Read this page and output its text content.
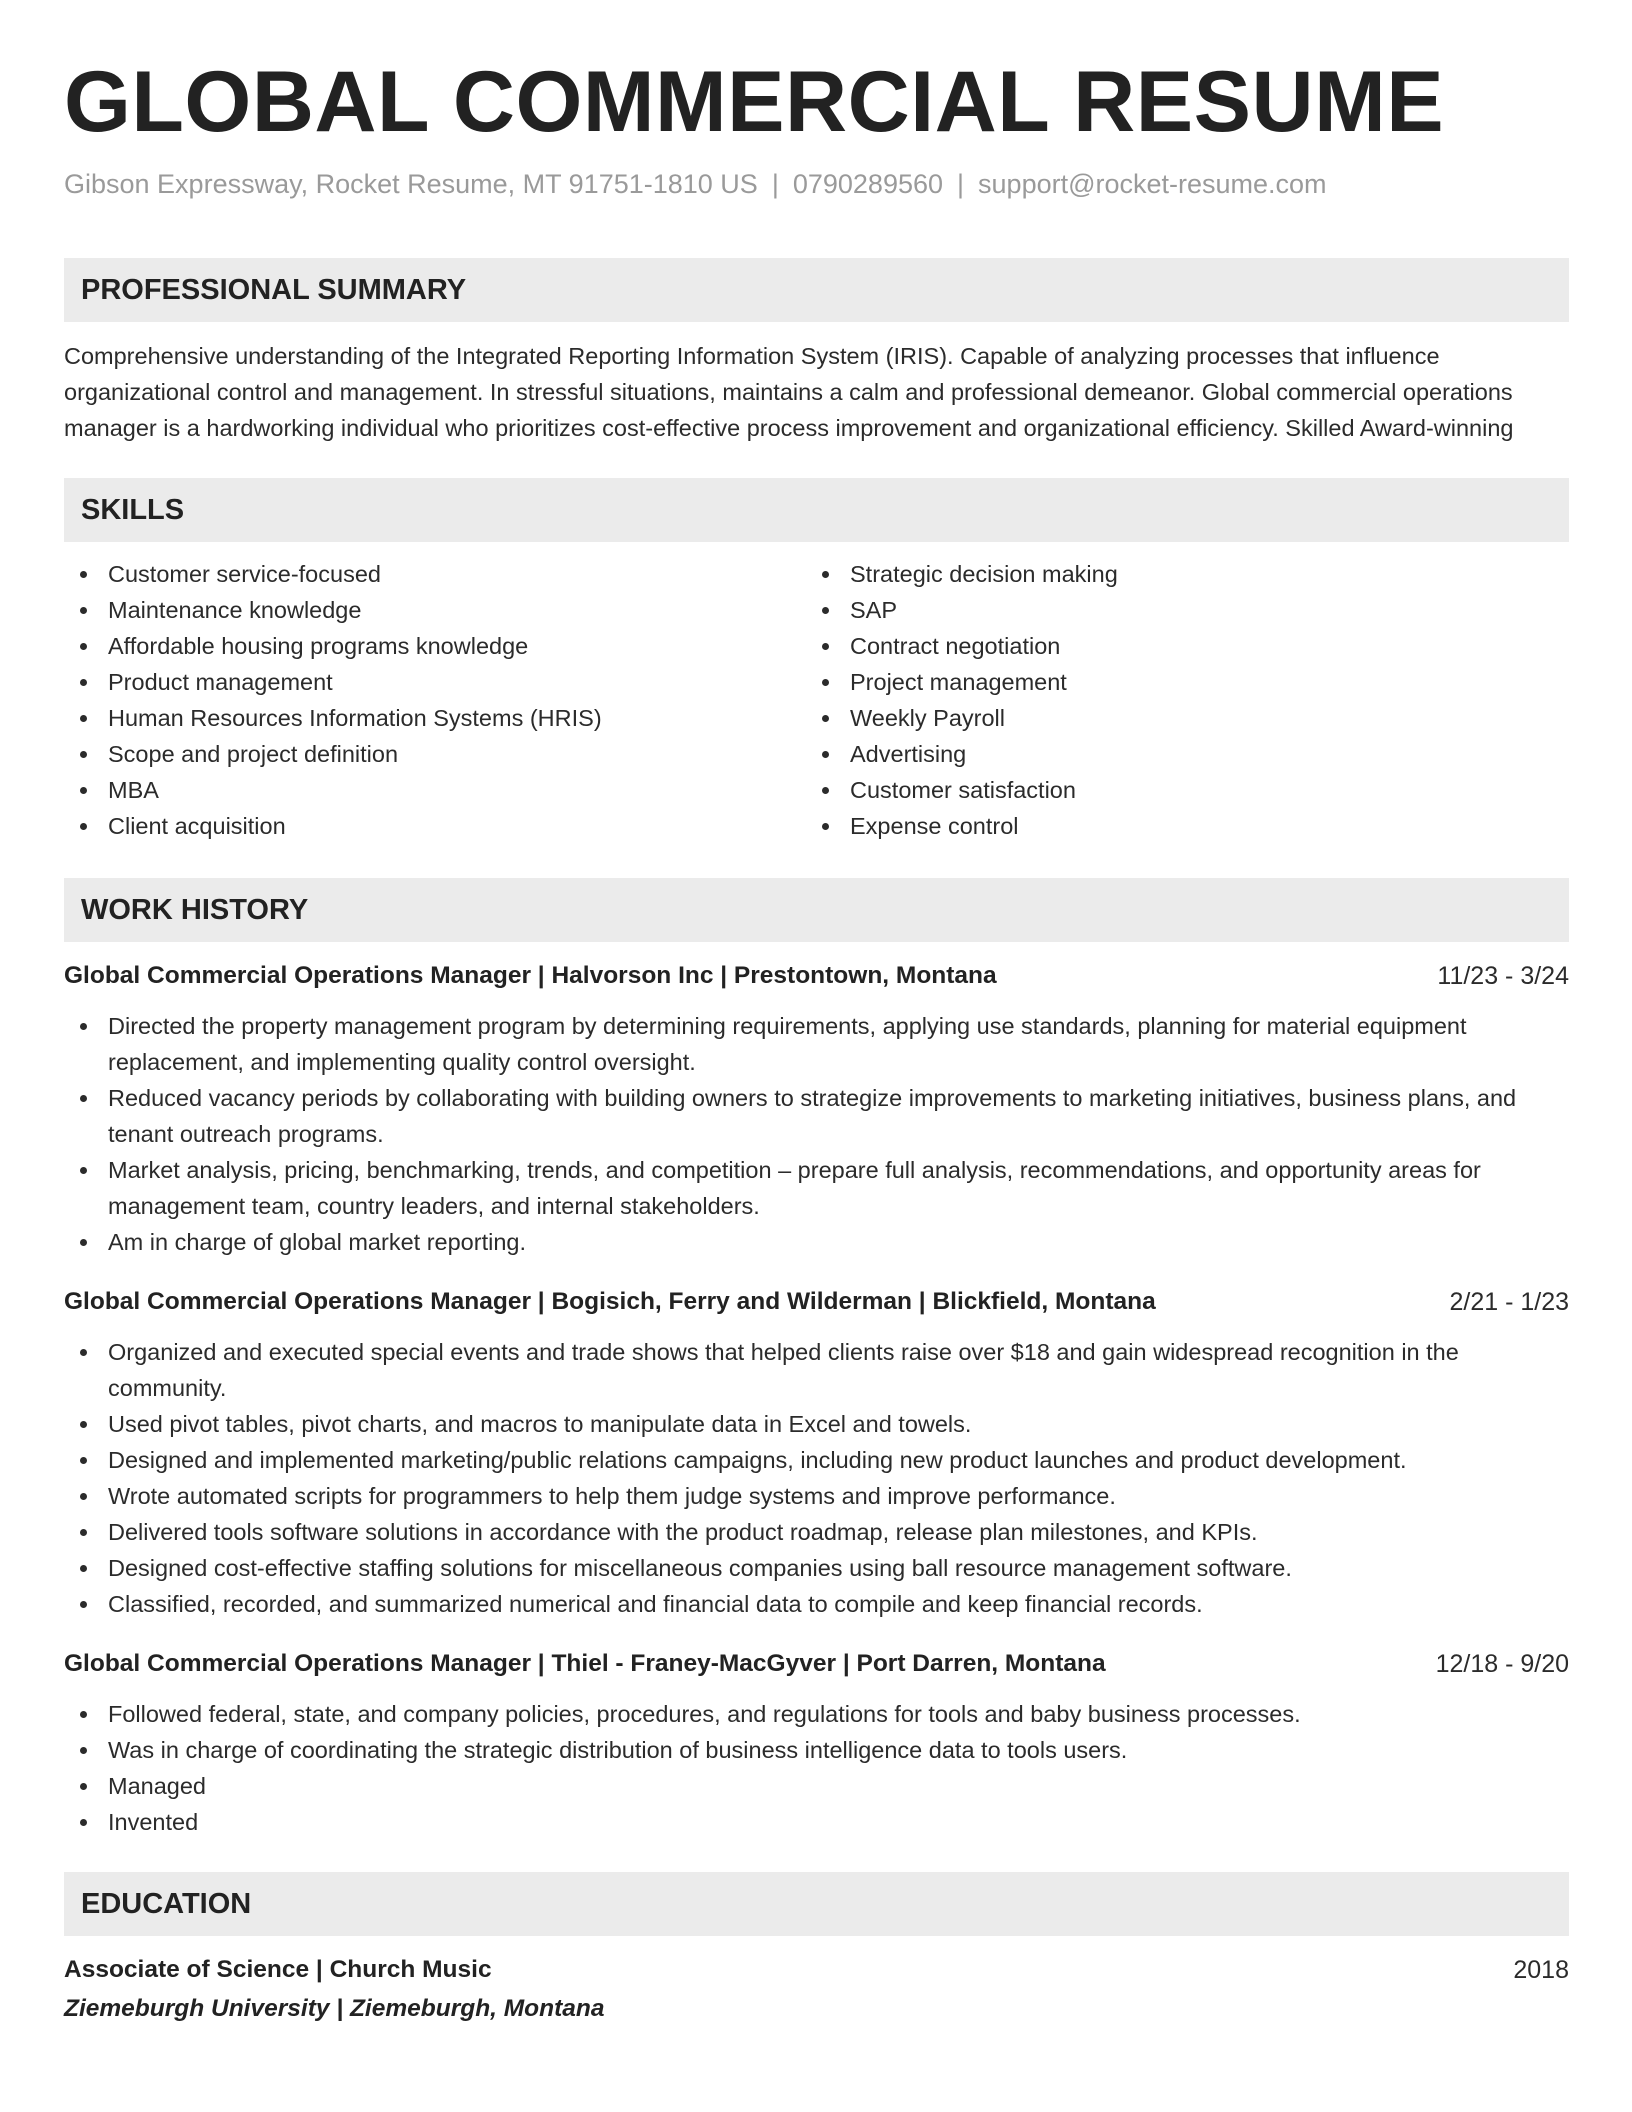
GLOBAL COMMERCIAL RESUME
Gibson Expressway, Rocket Resume, MT 91751-1810 US | 0790289560 | support@rocket-resume.com
PROFESSIONAL SUMMARY

Comprehensive understanding of the Integrated Reporting Information System (IRIS). Capable of analyzing processes that influence organizational control and management. In stressful situations, maintains a calm and professional demeanor. Global commercial operations manager is a hardworking individual who prioritizes cost-effective process improvement and organizational efficiency. Skilled Award-winning

SKILLS
Customer service-focused
Maintenance knowledge
Affordable housing programs knowledge
Product management
Human Resources Information Systems (HRIS)
Scope and project definition
MBA
Client acquisition
Strategic decision making
SAP
Contract negotiation
Project management
Weekly Payroll
Advertising
Customer satisfaction
Expense control
WORK HISTORY
Global Commercial Operations Manager | Halvorson Inc | Prestontown, Montana	11/23 - 3/24
Directed the property management program by determining requirements, applying use standards, planning for material equipment replacement, and implementing quality control oversight.
Reduced vacancy periods by collaborating with building owners to strategize improvements to marketing initiatives, business plans, and tenant outreach programs.
Market analysis, pricing, benchmarking, trends, and competition – prepare full analysis, recommendations, and opportunity areas for management team, country leaders, and internal stakeholders.
Am in charge of global market reporting.
Global Commercial Operations Manager | Bogisich, Ferry and Wilderman | Blickfield, Montana	2/21 - 1/23
Organized and executed special events and trade shows that helped clients raise over $18 and gain widespread recognition in the community.
Used pivot tables, pivot charts, and macros to manipulate data in Excel and towels.
Designed and implemented marketing/public relations campaigns, including new product launches and product development.
Wrote automated scripts for programmers to help them judge systems and improve performance.
Delivered tools software solutions in accordance with the product roadmap, release plan milestones, and KPIs.
Designed cost-effective staffing solutions for miscellaneous companies using ball resource management software.
Classified, recorded, and summarized numerical and financial data to compile and keep financial records.
Global Commercial Operations Manager | Thiel - Franey-MacGyver | Port Darren, Montana	12/18 - 9/20
Followed federal, state, and company policies, procedures, and regulations for tools and baby business processes.
Was in charge of coordinating the strategic distribution of business intelligence data to tools users.
Managed
Invented
EDUCATION
Associate of Science | Church Music	2018
Ziemeburgh University | Ziemeburgh, Montana
